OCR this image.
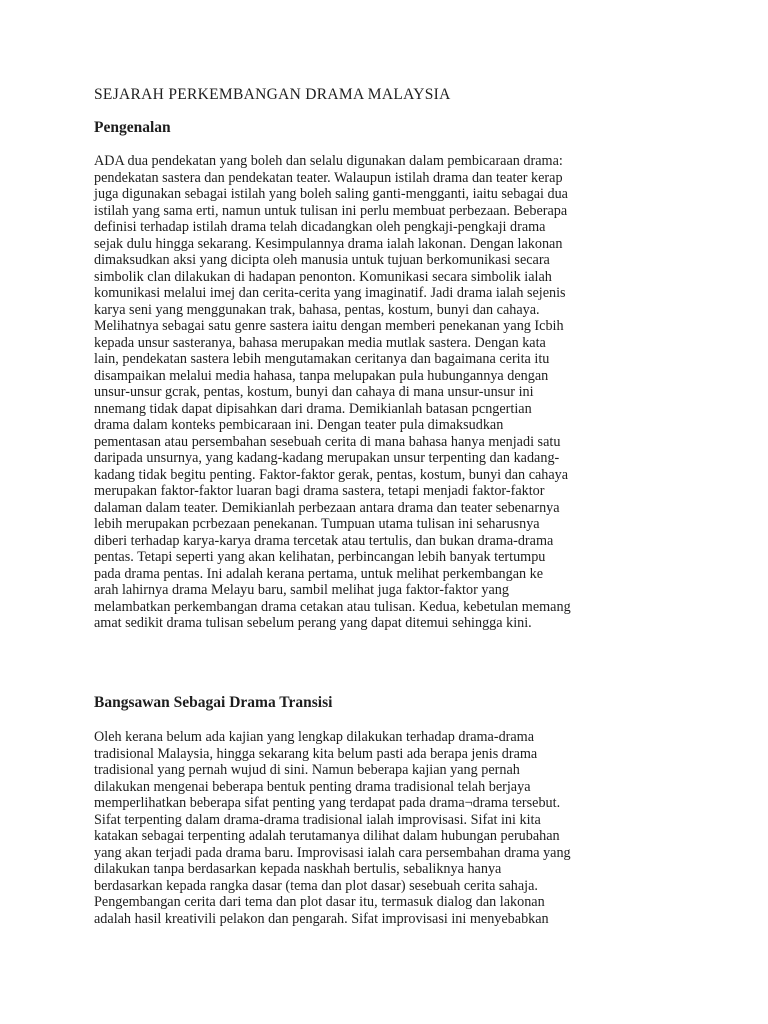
SEJARAH PERKEMBANGAN DRAMA MALAYSIA
Pengenalan
ADA dua pendekatan yang boleh dan selalu digunakan dalam pembicaraan drama:
pendekatan sastera dan pendekatan teater. Walaupun istilah drama dan teater kerap
juga digunakan sebagai istilah yang boleh saling ganti-mengganti, iaitu sebagai dua
istilah yang sama erti, namun untuk tulisan ini perlu membuat perbezaan. Beberapa
definisi terhadap istilah drama telah dicadangkan oleh pengkaji-pengkaji drama
sejak dulu hingga sekarang. Kesimpulannya drama ialah lakonan. Dengan lakonan
dimaksudkan aksi yang dicipta oleh manusia untuk tujuan berkomunikasi secara
simbolik clan dilakukan di hadapan penonton. Komunikasi secara simbolik ialah
komunikasi melalui imej dan cerita-cerita yang imaginatif. Jadi drama ialah sejenis
karya seni yang menggunakan trak, bahasa, pentas, kostum, bunyi dan cahaya.
Melihatnya sebagai satu genre sastera iaitu dengan memberi penekanan yang Icbih
kepada unsur sasteranya, bahasa merupakan media mutlak sastera. Dengan kata
lain, pendekatan sastera lebih mengutamakan ceritanya dan bagaimana cerita itu
disampaikan melalui media hahasa, tanpa melupakan pula hubungannya dengan
unsur-unsur gcrak, pentas, kostum, bunyi dan cahaya di mana unsur-unsur ini
nnemang tidak dapat dipisahkan dari drama. Demikianlah batasan pcngertian
drama dalam konteks pembicaraan ini. Dengan teater pula dimaksudkan
pementasan atau persembahan sesebuah cerita di mana bahasa hanya menjadi satu
daripada unsurnya, yang kadang-kadang merupakan unsur terpenting dan kadang-
kadang tidak begitu penting. Faktor-faktor gerak, pentas, kostum, bunyi dan cahaya
merupakan faktor-faktor luaran bagi drama sastera, tetapi menjadi faktor-faktor
dalaman dalam teater. Demikianlah perbezaan antara drama dan teater sebenarnya
lebih merupakan pcrbezaan penekanan. Tumpuan utama tulisan ini seharusnya
diberi terhadap karya-karya drama tercetak atau tertulis, dan bukan drama-drama
pentas. Tetapi seperti yang akan kelihatan, perbincangan lebih banyak tertumpu
pada drama pentas. Ini adalah kerana pertama, untuk melihat perkembangan ke
arah lahirnya drama Melayu baru, sambil melihat juga faktor-faktor yang
melambatkan perkembangan drama cetakan atau tulisan. Kedua, kebetulan memang
amat sedikit drama tulisan sebelum perang yang dapat ditemui sehingga kini.
Bangsawan Sebagai Drama Transisi
Oleh kerana belum ada kajian yang lengkap dilakukan terhadap drama-drama
tradisional Malaysia, hingga sekarang kita belum pasti ada berapa jenis drama
tradisional yang pernah wujud di sini. Namun beberapa kajian yang pernah
dilakukan mengenai beberapa bentuk penting drama tradisional telah berjaya
memperlihatkan beberapa sifat penting yang terdapat pada drama¬drama tersebut.
Sifat terpenting dalam drama-drama tradisional ialah improvisasi. Sifat ini kita
katakan sebagai terpenting adalah terutamanya dilihat dalam hubungan perubahan
yang akan terjadi pada drama baru. Improvisasi ialah cara persembahan drama yang
dilakukan tanpa berdasarkan kepada naskhah bertulis, sebaliknya hanya
berdasarkan kepada rangka dasar (tema dan plot dasar) sesebuah cerita sahaja.
Pengembangan cerita dari tema dan plot dasar itu, termasuk dialog dan lakonan
adalah hasil kreativili pelakon dan pengarah. Sifat improvisasi ini menyebabkan
